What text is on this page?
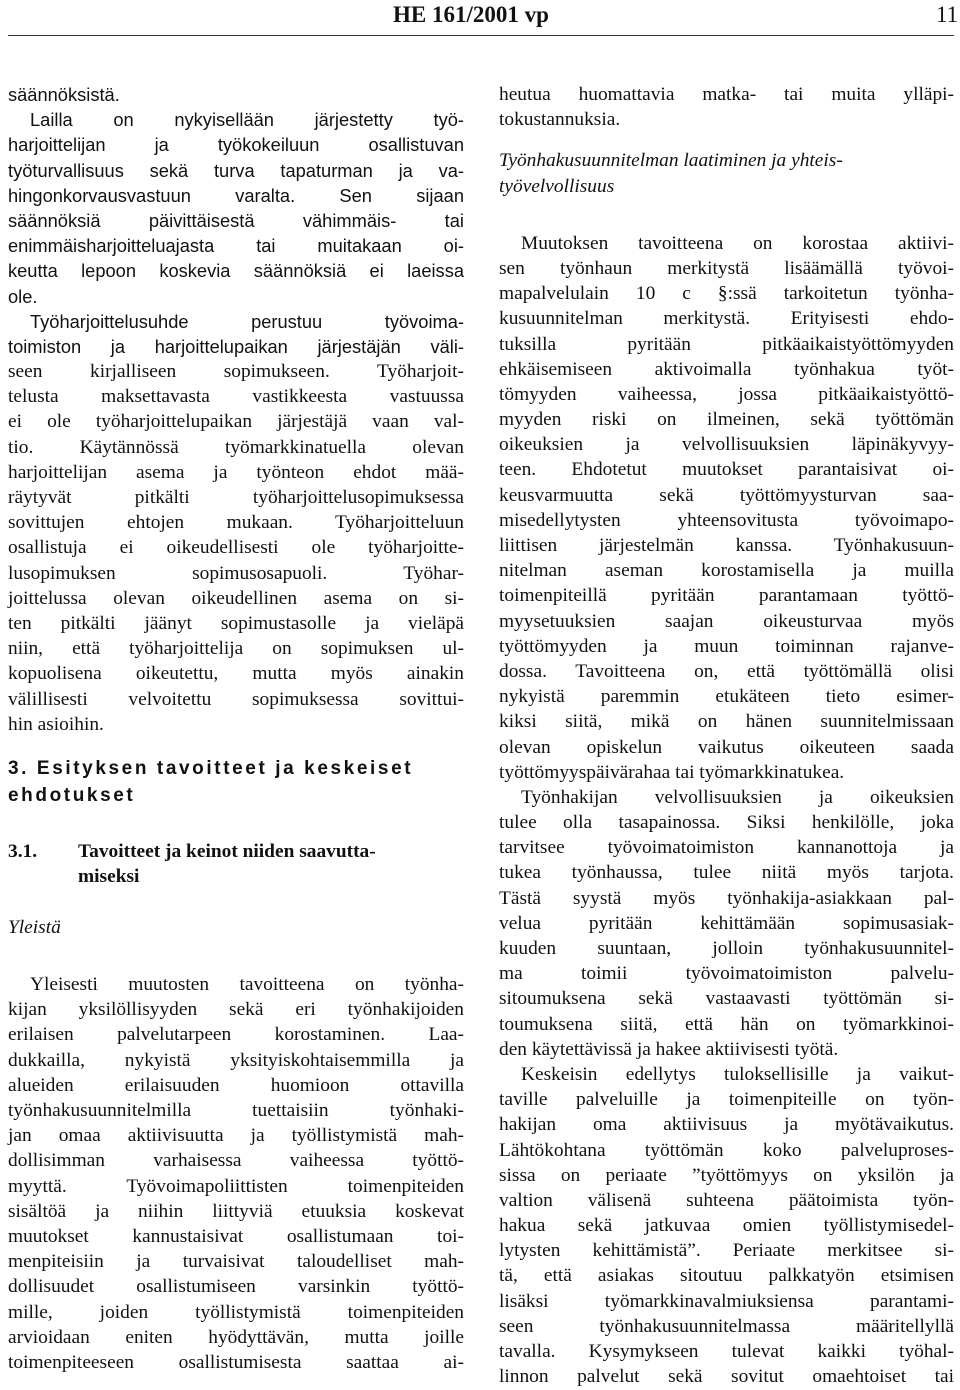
HE 161/2001 vp	11
säännöksistä.
Lailla on nykyisellään järjestetty työ-
harjoittelijan ja työkokeiluun osallistuvan
työturvallisuus sekä turva tapaturman ja va-
hingonkorvausvastuun varalta. Sen sijaan
säännöksiä päivittäisestä vähimmäis- tai
enimmäisharjoitteluajasta tai muitakaan oi-
keutta lepoon koskevia säännöksiä ei laeissa
ole.
Työharjoittelusuhde perustuu työvoima-
toimiston ja harjoittelupaikan järjestäjän väli-
seen kirjalliseen sopimukseen. Työharjoit-
telusta maksettavasta vastikkeesta vastuussa
ei ole työharjoittelupaikan järjestäjä vaan val-
tio. Käytännössä työmarkkinatuella olevan
harjoittelijan asema ja työnteon ehdot mää-
räytyvät pitkälti työharjoittelusopimuksessa
sovittujen ehtojen mukaan. Työharjoitteluun
osallistuja ei oikeudellisesti ole työharjoitte-
lusopimuksen sopimusosapuoli. Työhar-
joittelussa olevan oikeudellinen asema on si-
ten pitkälti jäänyt sopimustasolle ja vieläpä
niin, että työharjoittelija on sopimuksen ul-
kopuolisena oikeutettu, mutta myös ainakin
välillisesti velvoitettu sopimuksessa sovittui-
hin asioihin.
3. Esityksen tavoitteet ja keskeiset
ehdotukset
3.1. Tavoitteet ja keinot niiden saavutta-
miseksi
Yleistä
Yleisesti muutosten tavoitteena on työnha-
kijan yksilöllisyyden sekä eri työnhakijoiden
erilaisen palvelutarpeen korostaminen. Laa-
dukkailla, nykyistä yksityiskohtaisemmilla ja
alueiden erilaisuuden huomioon ottavilla
työnhakusuunnitelmilla tuettaisiin työnhaki-
jan omaa aktiivisuutta ja työllistymistä mah-
dollisimman varhaisessa vaiheessa työttö-
myyttä. Työvoimapoliittisten toimenpiteiden
sisältöä ja niihin liittyviä etuuksia koskevat
muutokset kannustaisivat osallistumaan toi-
menpiteisiin ja turvaisivat taloudelliset mah-
dollisuudet osallistumiseen varsinkin työttö-
mille, joiden työllistymistä toimenpiteiden
arvioidaan eniten hyödyttävän, mutta joille
toimenpiteeseen osallistumisesta saattaa ai-
heutua huomattavia matka- tai muita ylläpi-
tokustannuksia.
Työnhakusuunnitelman laatiminen ja yhteis-
työvelvollisuus
Muutoksen tavoitteena on korostaa aktiivi-
sen työnhaun merkitystä lisäämällä työvoi-
mapalvelulain 10 c §:ssä tarkoitetun työnha-
kusuunnitelman merkitystä. Erityisesti ehdo-
tuksilla pyritään pitkäaikaistyöttömyyden
ehkäisemiseen aktivoimalla työnhakua työt-
tömyyden vaiheessa, jossa pitkäaikaistyöttö-
myyden riski on ilmeinen, sekä työttömän
oikeuksien ja velvollisuuksien läpinäkyvyy-
teen. Ehdotetut muutokset parantaisivat oi-
keusvarmuutta sekä työttömyysturvan saa-
misedellytysten yhteensovitusta työvoimapo-
liittisen järjestelmän kanssa. Työnhakusuun-
nitelman aseman korostamisella ja muilla
toimenpiteillä pyritään parantamaan työttö-
myysetuuksien saajan oikeusturvaa myös
työttömyyden ja muun toiminnan rajanve-
dossa. Tavoitteena on, että työttömällä olisi
nykyistä paremmin etukäteen tieto esimer-
kiksi siitä, mikä on hänen suunnitelmissaan
olevan opiskelun vaikutus oikeuteen saada
työttömyyspäivärahaa tai työmarkkinatukea.
Työnhakijan velvollisuuksien ja oikeuksien
tulee olla tasapainossa. Siksi henkilölle, joka
tarvitsee työvoimatoimiston kannanottoja ja
tukea työnhaussa, tulee niitä myös tarjota.
Tästä syystä myös työnhakija-asiakkaan pal-
velua pyritään kehittämään sopimusasiak-
kuuden suuntaan, jolloin työnhakusuunnitel-
ma toimii työvoimatoimiston palvelu-
sitoumuksena sekä vastaavasti työttömän si-
toumuksena siitä, että hän on työmarkkinoi-
den käytettävissä ja hakee aktiivisesti työtä.
Keskeisin edellytys tuloksellisille ja vaikut-
taville palveluille ja toimenpiteille on työn-
hakijan oma aktiivisuus ja myötävaikutus.
Lähtökohtana työttömän koko palveluproses-
sissa on periaate ”työttömyys on yksilön ja
valtion välisenä suhteena päätoimista työn-
hakua sekä jatkuvaa omien työllistymisedel-
lytysten kehittämistä”. Periaate merkitsee si-
tä, että asiakas sitoutuu palkkatyön etsimisen
lisäksi työmarkkinavalmiuksiensa parantami-
seen työnhakusuunnitelmassa määritellyllä
tavalla. Kysymykseen tulevat kaikki työhal-
linnon palvelut sekä sovitut omaehtoiset tai
